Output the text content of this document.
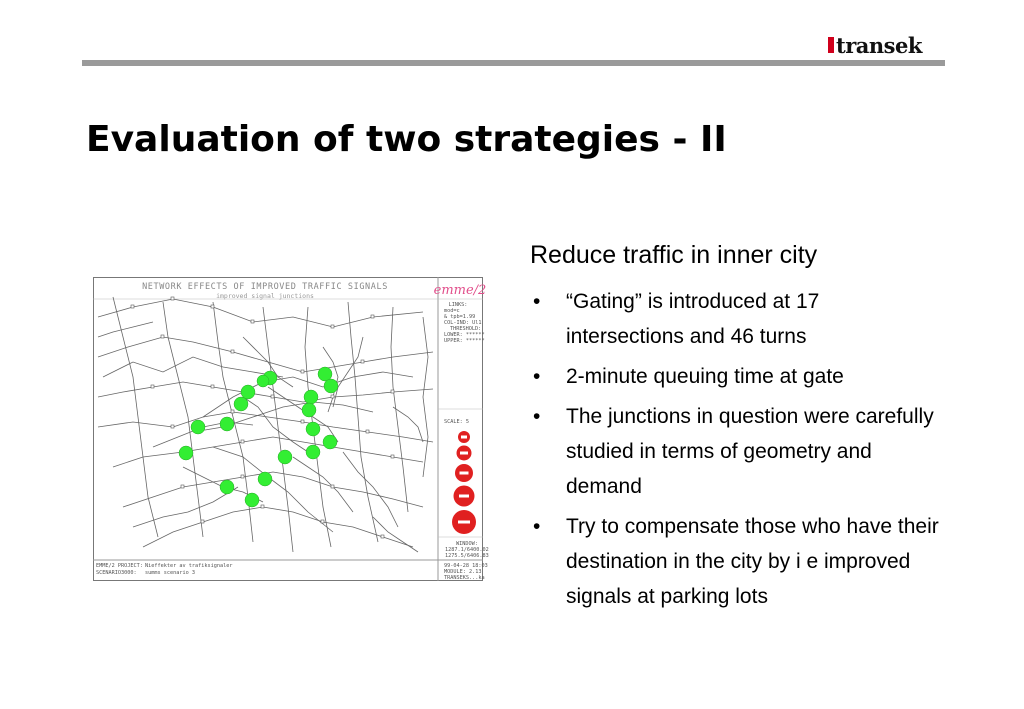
transek
Evaluation of two strategies - II
NETWORK EFFECTS OF IMPROVED TRAFFIC SIGNALS
improved signal junctions	emme/2
LINKS:
mod=c
& tpb=1.99
COL-IND: Ul1
THRESHOLD:
LOWER: ******
UPPER: ******
SCALE: 5
WINDOW:
1287.1/6400.02
1275.5/6406.83
99-04-28 18:03
MODULE: 2.13
TRANSEKS...ka
EMME/2 PROJECT: Nieffekter av trafiksignaler
SCENARIO3000: summs scenario 3
Reduce traffic in inner city
• “Gating” is introduced at 17 intersections and 46 turns
• 2-minute queuing time at gate
• The junctions in question were carefully studied in terms of geometry and demand
• Try to compensate those who have their destination in the city by i e improved signals at parking lots
